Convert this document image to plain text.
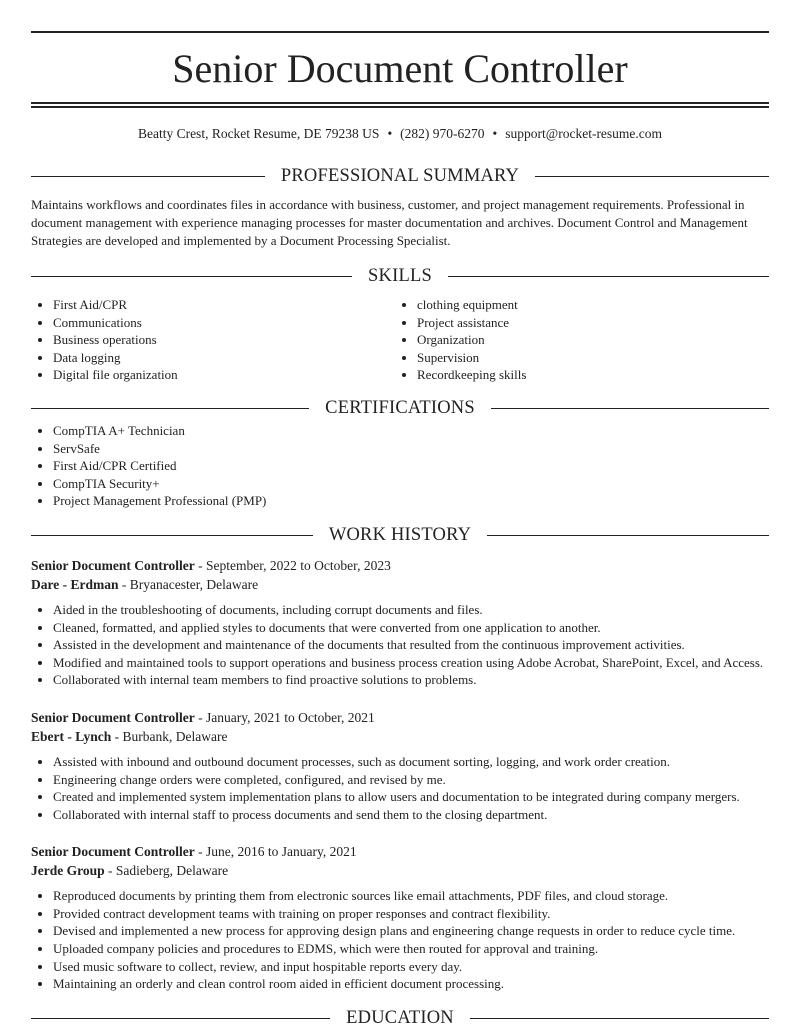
Senior Document Controller
Beatty Crest, Rocket Resume, DE 79238 US • (282) 970-6270 • support@rocket-resume.com
PROFESSIONAL SUMMARY

Maintains workflows and coordinates files in accordance with business, customer, and project management requirements. Professional in document management with experience managing processes for master documentation and archives. Document Control and Management Strategies are developed and implemented by a Document Processing Specialist.

SKILLS
• First Aid/CPR
• Communications
• Business operations
• Data logging
• Digital file organization
• clothing equipment
• Project assistance
• Organization
• Supervision
• Recordkeeping skills
CERTIFICATIONS
• CompTIA A+ Technician
• ServSafe
• First Aid/CPR Certified
• CompTIA Security+
• Project Management Professional (PMP)
WORK HISTORY
Senior Document Controller - September, 2022 to October, 2023
Dare - Erdman - Bryanacester, Delaware
• Aided in the troubleshooting of documents, including corrupt documents and files.
• Cleaned, formatted, and applied styles to documents that were converted from one application to another.
• Assisted in the development and maintenance of the documents that resulted from the continuous improvement activities.
• Modified and maintained tools to support operations and business process creation using Adobe Acrobat, SharePoint, Excel, and Access.
• Collaborated with internal team members to find proactive solutions to problems.
Senior Document Controller - January, 2021 to October, 2021
Ebert - Lynch - Burbank, Delaware
• Assisted with inbound and outbound document processes, such as document sorting, logging, and work order creation.
• Engineering change orders were completed, configured, and revised by me.
• Created and implemented system implementation plans to allow users and documentation to be integrated during company mergers.
• Collaborated with internal staff to process documents and send them to the closing department.
Senior Document Controller - June, 2016 to January, 2021
Jerde Group - Sadieberg, Delaware
• Reproduced documents by printing them from electronic sources like email attachments, PDF files, and cloud storage.
• Provided contract development teams with training on proper responses and contract flexibility.
• Devised and implemented a new process for approving design plans and engineering change requests in order to reduce cycle time.
• Uploaded company policies and procedures to EDMS, which were then routed for approval and training.
• Used music software to collect, review, and input hospitable reports every day.
• Maintaining an orderly and clean control room aided in efficient document processing.
EDUCATION
